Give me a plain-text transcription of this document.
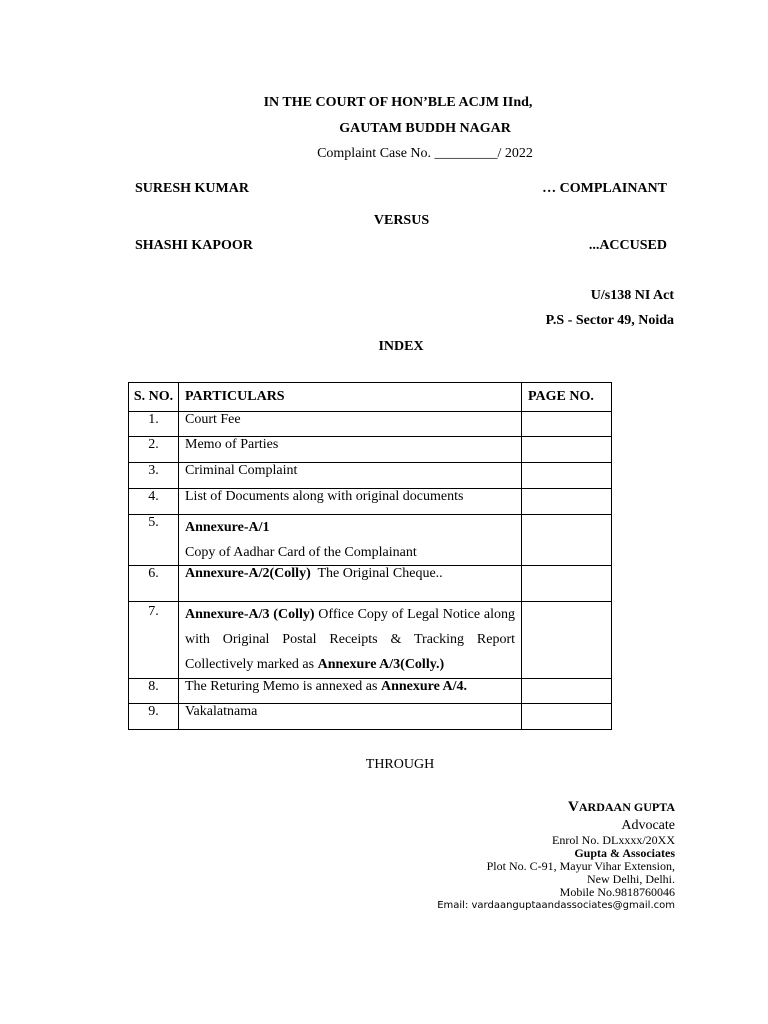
IN THE COURT OF HON’BLE ACJM IInd,
GAUTAM BUDDH NAGAR
Complaint Case No. _________/ 2022
SURESH KUMAR	… COMPLAINANT
VERSUS
SHASHI KAPOOR	...ACCUSED
U/s138 NI Act
P.S - Sector 49, Noida
INDEX
S. NO.	PARTICULARS	PAGE NO.
1.	Court Fee	
2.	Memo of Parties	
3.	Criminal Complaint	
4.	List of Documents along with original documents	
5.	Annexure-A/1
Copy of Aadhar Card of the Complainant	

6.	Annexure-A/2(Colly) The Original Cheque..	
7.	Annexure-A/3 (Colly) Office Copy of Legal Notice along with Original Postal Receipts & Tracking Report Collectively marked as Annexure A/3(Colly.)	
8.	The Returing Memo is annexed as Annexure A/4.	
9.	Vakalatnama	
THROUGH
VARDAAN GUPTA
Advocate
Enrol No. DLxxxx/20XX
Gupta & Associates
Plot No. C-91, Mayur Vihar Extension,
New Delhi, Delhi.
Mobile No.9818760046
Email: vardaanguptaandassociates@gmail.com
